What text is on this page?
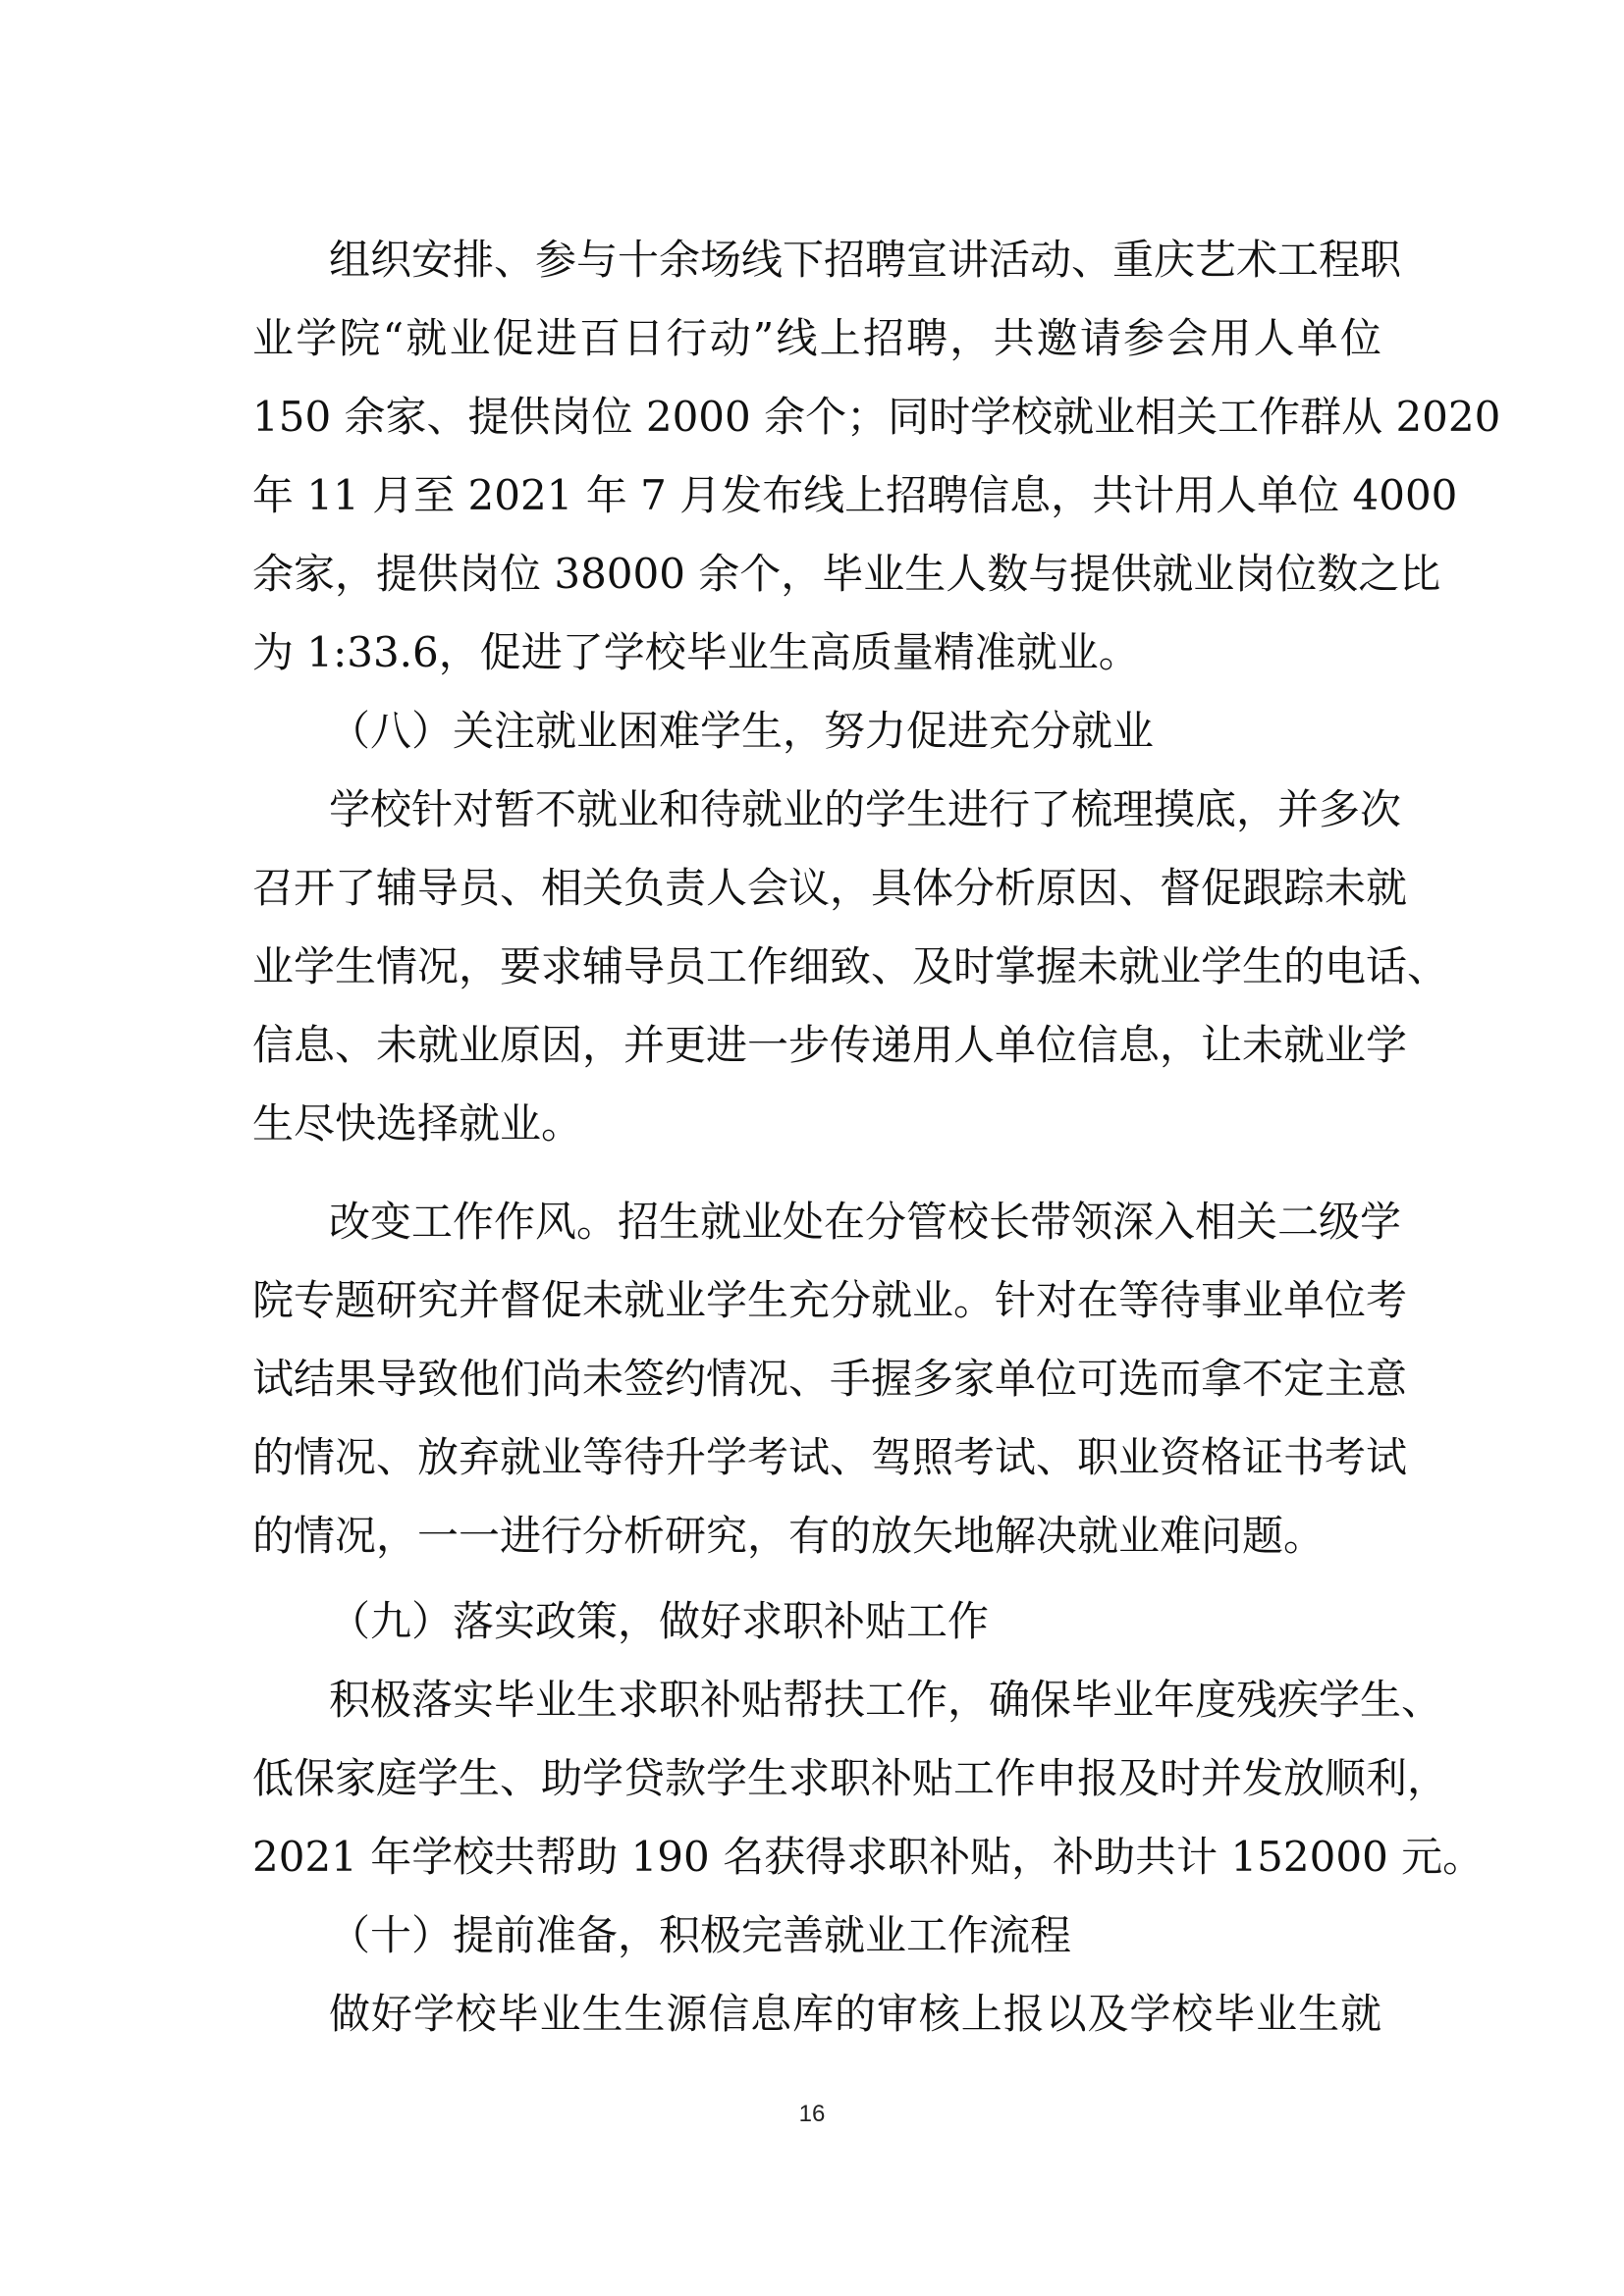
组织安排、参与十余场线下招聘宣讲活动、重庆艺术工程职
业学院“就业促进百日行动”线上招聘，共邀请参会用人单位
150 余家、提供岗位 2000 余个；同时学校就业相关工作群从 2020
年 11 月至 2021 年 7 月发布线上招聘信息，共计用人单位 4000
余家，提供岗位 38000 余个，毕业生人数与提供就业岗位数之比
为 1:33.6，促进了学校毕业生高质量精准就业。
（八）关注就业困难学生，努力促进充分就业
学校针对暂不就业和待就业的学生进行了梳理摸底，并多次
召开了辅导员、相关负责人会议，具体分析原因、督促跟踪未就
业学生情况，要求辅导员工作细致、及时掌握未就业学生的电话、
信息、未就业原因，并更进一步传递用人单位信息，让未就业学
生尽快选择就业。
改变工作作风。招生就业处在分管校长带领深入相关二级学
院专题研究并督促未就业学生充分就业。针对在等待事业单位考
试结果导致他们尚未签约情况、手握多家单位可选而拿不定主意
的情况、放弃就业等待升学考试、驾照考试、职业资格证书考试
的情况，一一进行分析研究，有的放矢地解决就业难问题。
（九）落实政策，做好求职补贴工作
积极落实毕业生求职补贴帮扶工作，确保毕业年度残疾学生、
低保家庭学生、助学贷款学生求职补贴工作申报及时并发放顺利，
2021 年学校共帮助 190 名获得求职补贴，补助共计 152000 元。
（十）提前准备，积极完善就业工作流程
做好学校毕业生生源信息库的审核上报以及学校毕业生就
16
